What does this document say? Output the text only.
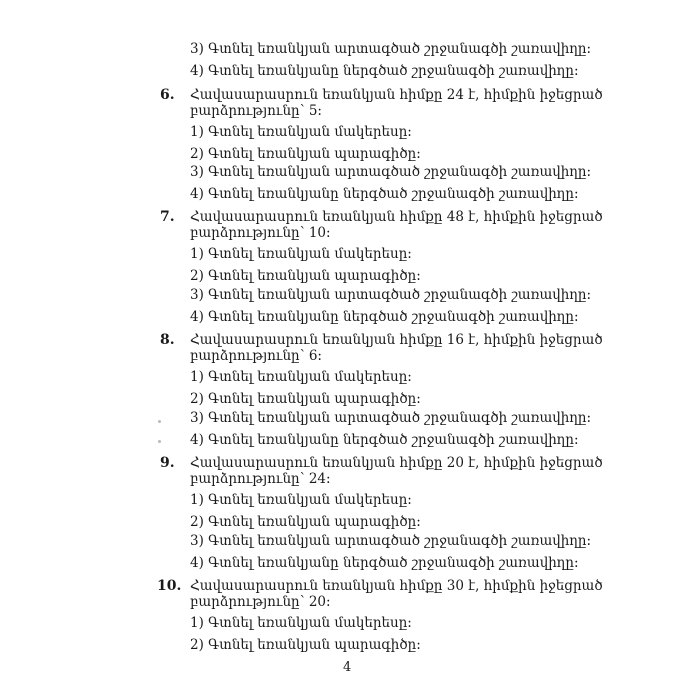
3) Գտնել եռանկյան արտագծած շրջանագծի շառավիղը:
4) Գտնել եռանկյանը ներգծած շրջանագծի շառավիղը:
6. Հավասարասրուն եռանկյան հիմքը 24 է, հիմքին իջեցրած
բարձրությունը՝ 5:
1) Գտնել եռանկյան մակերեսը:
2) Գտնել եռանկյան պարագիծը:
3) Գտնել եռանկյան արտագծած շրջանագծի շառավիղը:
4) Գտնել եռանկյանը ներգծած շրջանագծի շառավիղը:
7. Հավասարասրուն եռանկյան հիմքը 48 է, հիմքին իջեցրած
բարձրությունը՝ 10:
1) Գտնել եռանկյան մակերեսը:
2) Գտնել եռանկյան պարագիծը:
3) Գտնել եռանկյան արտագծած շրջանագծի շառավիղը:
4) Գտնել եռանկյանը ներգծած շրջանագծի շառավիղը:
8. Հավասարասրուն եռանկյան հիմքը 16 է, հիմքին իջեցրած
բարձրությունը՝ 6:
1) Գտնել եռանկյան մակերեսը:
2) Գտնել եռանկյան պարագիծը:
3) Գտնել եռանկյան արտագծած շրջանագծի շառավիղը:
4) Գտնել եռանկյանը ներգծած շրջանագծի շառավիղը:
9. Հավասարասրուն եռանկյան հիմքը 20 է, հիմքին իջեցրած
բարձրությունը՝ 24:
1) Գտնել եռանկյան մակերեսը:
2) Գտնել եռանկյան պարագիծը:
3) Գտնել եռանկյան արտագծած շրջանագծի շառավիղը:
4) Գտնել եռանկյանը ներգծած շրջանագծի շառավիղը:
10. Հավասարասրուն եռանկյան հիմքը 30 է, հիմքին իջեցրած
բարձրությունը՝ 20:
1) Գտնել եռանկյան մակերեսը:
2) Գտնել եռանկյան պարագիծը:
4
